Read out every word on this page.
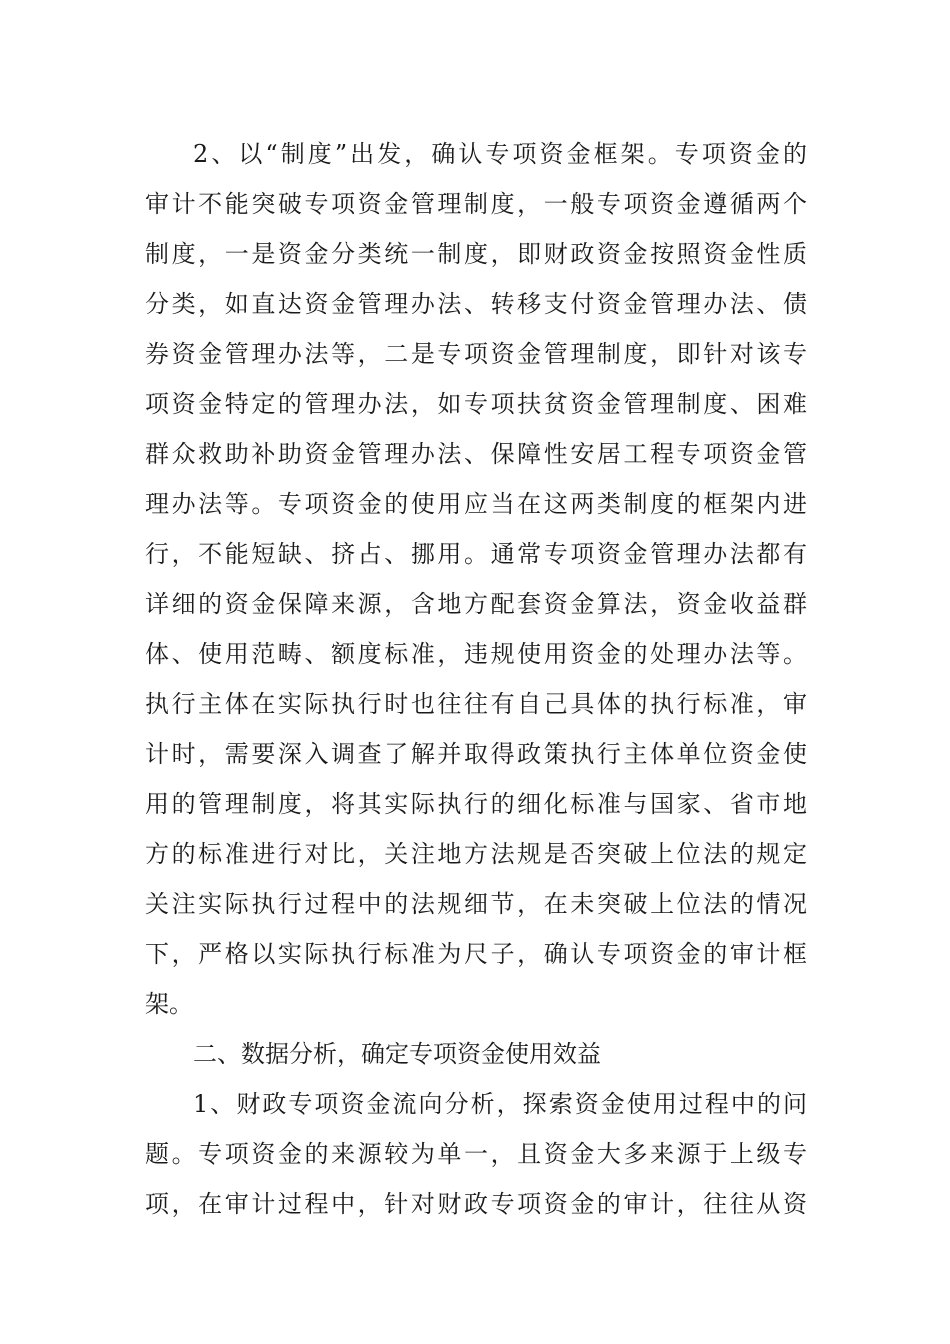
2、以“制度”出发，确认专项资金框架。专项资金的
审计不能突破专项资金管理制度，一般专项资金遵循两个
制度，一是资金分类统一制度，即财政资金按照资金性质
分类，如直达资金管理办法、转移支付资金管理办法、债
券资金管理办法等，二是专项资金管理制度，即针对该专
项资金特定的管理办法，如专项扶贫资金管理制度、困难
群众救助补助资金管理办法、保障性安居工程专项资金管
理办法等。专项资金的使用应当在这两类制度的框架内进
行，不能短缺、挤占、挪用。通常专项资金管理办法都有
详细的资金保障来源，含地方配套资金算法，资金收益群
体、使用范畴、额度标准，违规使用资金的处理办法等。
执行主体在实际执行时也往往有自己具体的执行标准，审
计时，需要深入调查了解并取得政策执行主体单位资金使
用的管理制度，将其实际执行的细化标准与国家、省市地
方的标准进行对比，关注地方法规是否突破上位法的规定
关注实际执行过程中的法规细节，在未突破上位法的情况
下，严格以实际执行标准为尺子，确认专项资金的审计框
架。
二、数据分析，确定专项资金使用效益
1、财政专项资金流向分析，探索资金使用过程中的问
题。专项资金的来源较为单一，且资金大多来源于上级专
项，在审计过程中，针对财政专项资金的审计，往往从资
